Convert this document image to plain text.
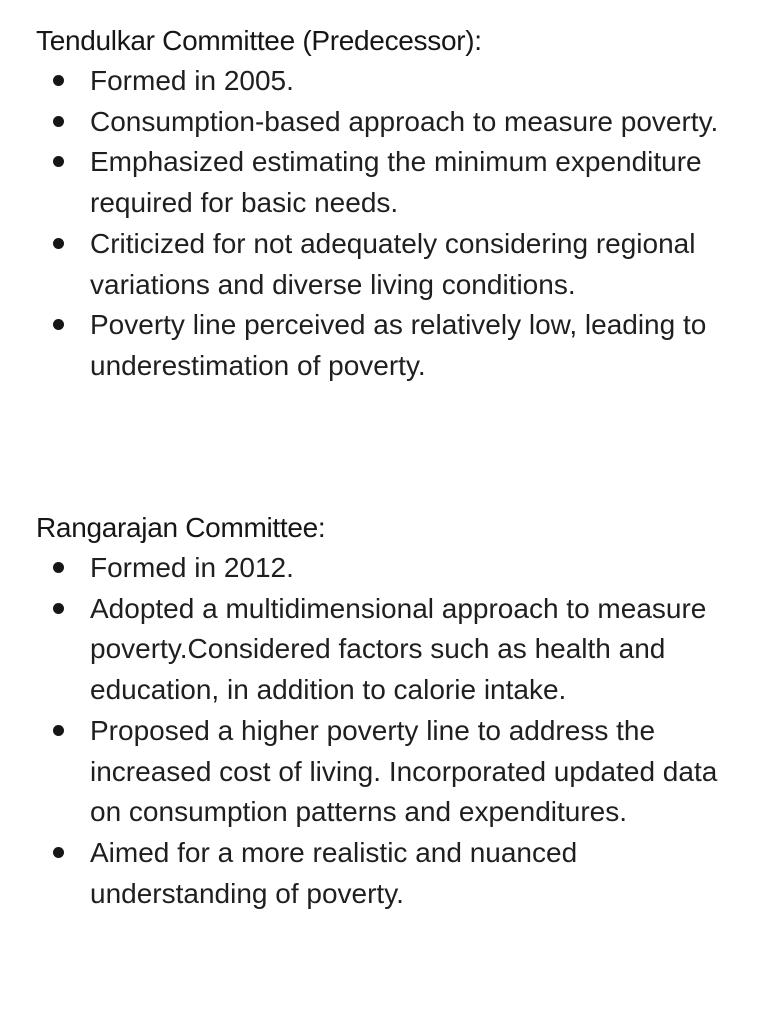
Tendulkar Committee (Predecessor):
Formed in 2005.
Consumption-based approach to measure poverty.
Emphasized estimating the minimum expenditure required for basic needs.
Criticized for not adequately considering regional variations and diverse living conditions.
Poverty line perceived as relatively low, leading to underestimation of poverty.
Rangarajan Committee:
Formed in 2012.
Adopted a multidimensional approach to measure poverty.Considered factors such as health and education, in addition to calorie intake.
Proposed a higher poverty line to address the increased cost of living. Incorporated updated data on consumption patterns and expenditures.
Aimed for a more realistic and nuanced understanding of poverty.
